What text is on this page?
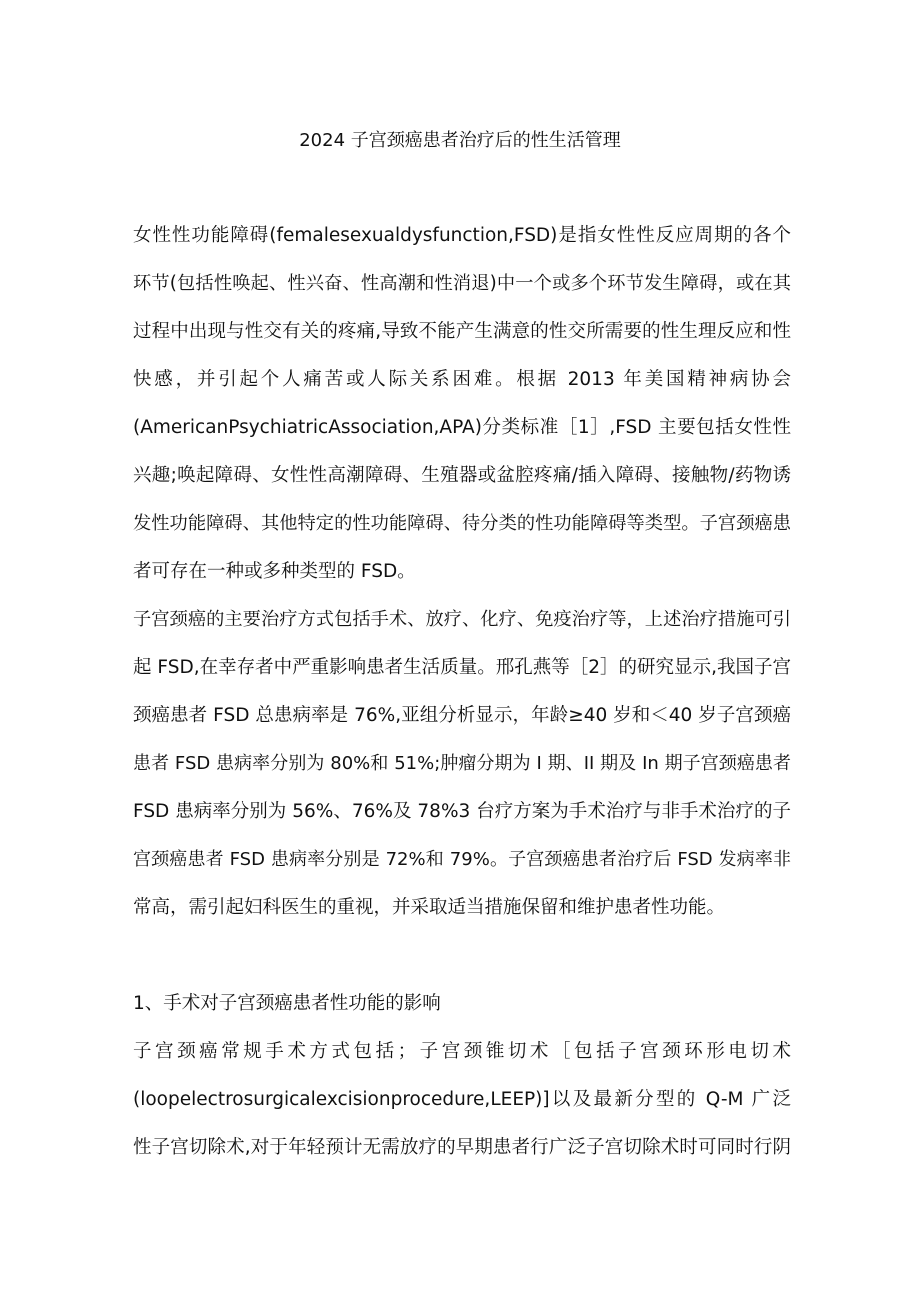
2024 子宫颈癌患者治疗后的性生活管理
女性性功能障碍(femalesexualdysfunction,FSD)是指女性性反应周期的各个
环节(包括性唤起、性兴奋、性高潮和性消退)中一个或多个环节发生障碍，或在其
过程中出现与性交有关的疼痛,导致不能产生满意的性交所需要的性生理反应和性
快感，并引起个人痛苦或人际关系困难。根据 2013 年美国精神病协会
(AmericanPsychiatricAssociation,APA)分类标准［1］,FSD 主要包括女性性
兴趣;唤起障碍、女性性高潮障碍、生殖器或盆腔疼痛/插入障碍、接触物/药物诱
发性功能障碍、其他特定的性功能障碍、待分类的性功能障碍等类型。子宫颈癌患
者可存在一种或多种类型的 FSD。
子宫颈癌的主要治疗方式包括手术、放疗、化疗、免疫治疗等，上述治疗措施可引
起 FSD,在幸存者中严重影响患者生活质量。邢孔燕等［2］的研究显示,我国子宫
颈癌患者 FSD 总患病率是 76%,亚组分析显示，年龄≥40 岁和＜40 岁子宫颈癌
患者 FSD 患病率分别为 80%和 51%;肿瘤分期为 I 期、II 期及 In 期子宫颈癌患者
FSD 患病率分别为 56%、76%及 78%3 台疗方案为手术治疗与非手术治疗的子
宫颈癌患者 FSD 患病率分别是 72%和 79%。子宫颈癌患者治疗后 FSD 发病率非
常高，需引起妇科医生的重视，并采取适当措施保留和维护患者性功能。
1、手术对子宫颈癌患者性功能的影响
子宫颈癌常规手术方式包括；子宫颈锥切术［包括子宫颈环形电切术
(loopelectrosurgicalexcisionprocedure,LEEP)]以及最新分型的 Q-M 广泛
性子宫切除术,对于年轻预计无需放疗的早期患者行广泛子宫切除术时可同时行阴
